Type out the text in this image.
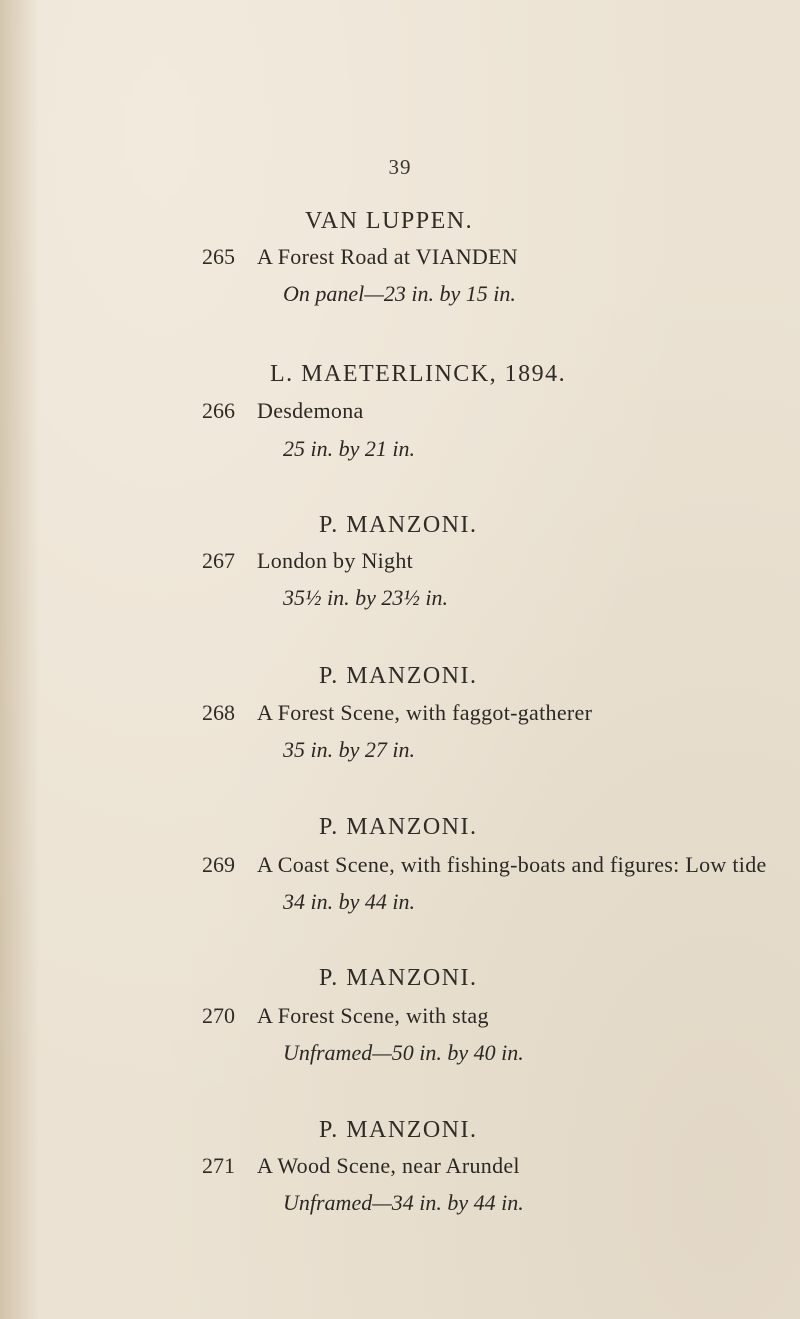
39
VAN LUPPEN.
265 A Forest Road at VIANDEN
On panel—23 in. by 15 in.
L. MAETERLINCK, 1894.
266 Desdemona
25 in. by 21 in.
P. MANZONI.
267 London by Night
35½ in. by 23½ in.
P. MANZONI.
268 A Forest Scene, with faggot-gatherer
35 in. by 27 in.
P. MANZONI.
269 A Coast Scene, with fishing-boats and figures: Low tide
34 in. by 44 in.
P. MANZONI.
270 A Forest Scene, with stag
Unframed—50 in. by 40 in.
P. MANZONI.
271 A Wood Scene, near Arundel
Unframed—34 in. by 44 in.
